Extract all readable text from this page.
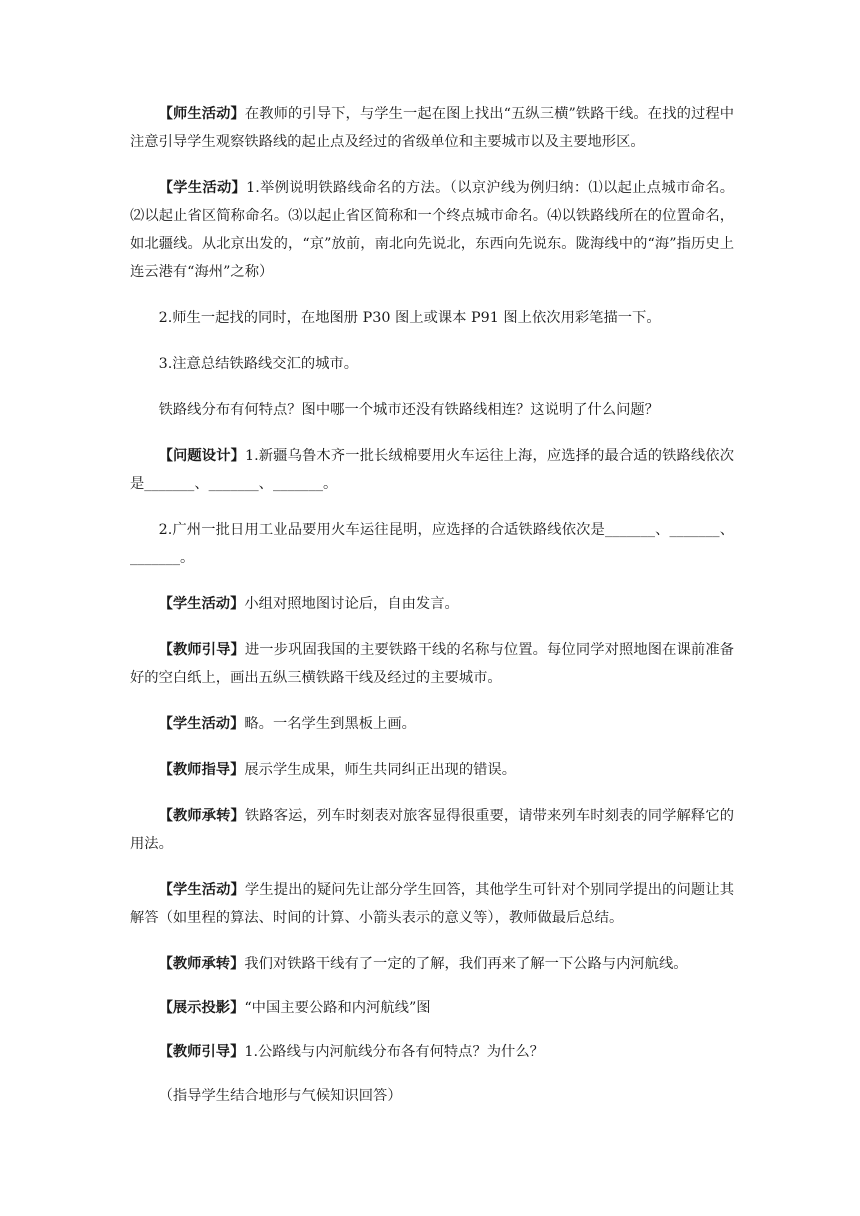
【师生活动】在教师的引导下，与学生一起在图上找出“五纵三横”铁路干线。在找的过程中注意引导学生观察铁路线的起止点及经过的省级单位和主要城市以及主要地形区。

【学生活动】1.举例说明铁路线命名的方法。（以京沪线为例归纳：⑴以起止点城市命名。⑵以起止省区简称命名。⑶以起止省区简称和一个终点城市命名。⑷以铁路线所在的位置命名，如北疆线。从北京出发的，“京”放前，南北向先说北，东西向先说东。陇海线中的“海”指历史上连云港有“海州”之称）

2.师生一起找的同时，在地图册 P30 图上或课本 P91 图上依次用彩笔描一下。

3.注意总结铁路线交汇的城市。

铁路线分布有何特点？图中哪一个城市还没有铁路线相连？这说明了什么问题？

【问题设计】1.新疆乌鲁木齐一批长绒棉要用火车运往上海，应选择的最合适的铁路线依次是_______、_______、_______。

2.广州一批日用工业品要用火车运往昆明，应选择的合适铁路线依次是_______、_______、_______。

【学生活动】小组对照地图讨论后，自由发言。

【教师引导】进一步巩固我国的主要铁路干线的名称与位置。每位同学对照地图在课前准备好的空白纸上，画出五纵三横铁路干线及经过的主要城市。

【学生活动】略。一名学生到黑板上画。

【教师指导】展示学生成果，师生共同纠正出现的错误。

【教师承转】铁路客运，列车时刻表对旅客显得很重要，请带来列车时刻表的同学解释它的用法。

【学生活动】学生提出的疑问先让部分学生回答，其他学生可针对个别同学提出的问题让其解答（如里程的算法、时间的计算、小箭头表示的意义等），教师做最后总结。

【教师承转】我们对铁路干线有了一定的了解，我们再来了解一下公路与内河航线。

【展示投影】“中国主要公路和内河航线”图

【教师引导】1.公路线与内河航线分布各有何特点？为什么？

（指导学生结合地形与气候知识回答）
